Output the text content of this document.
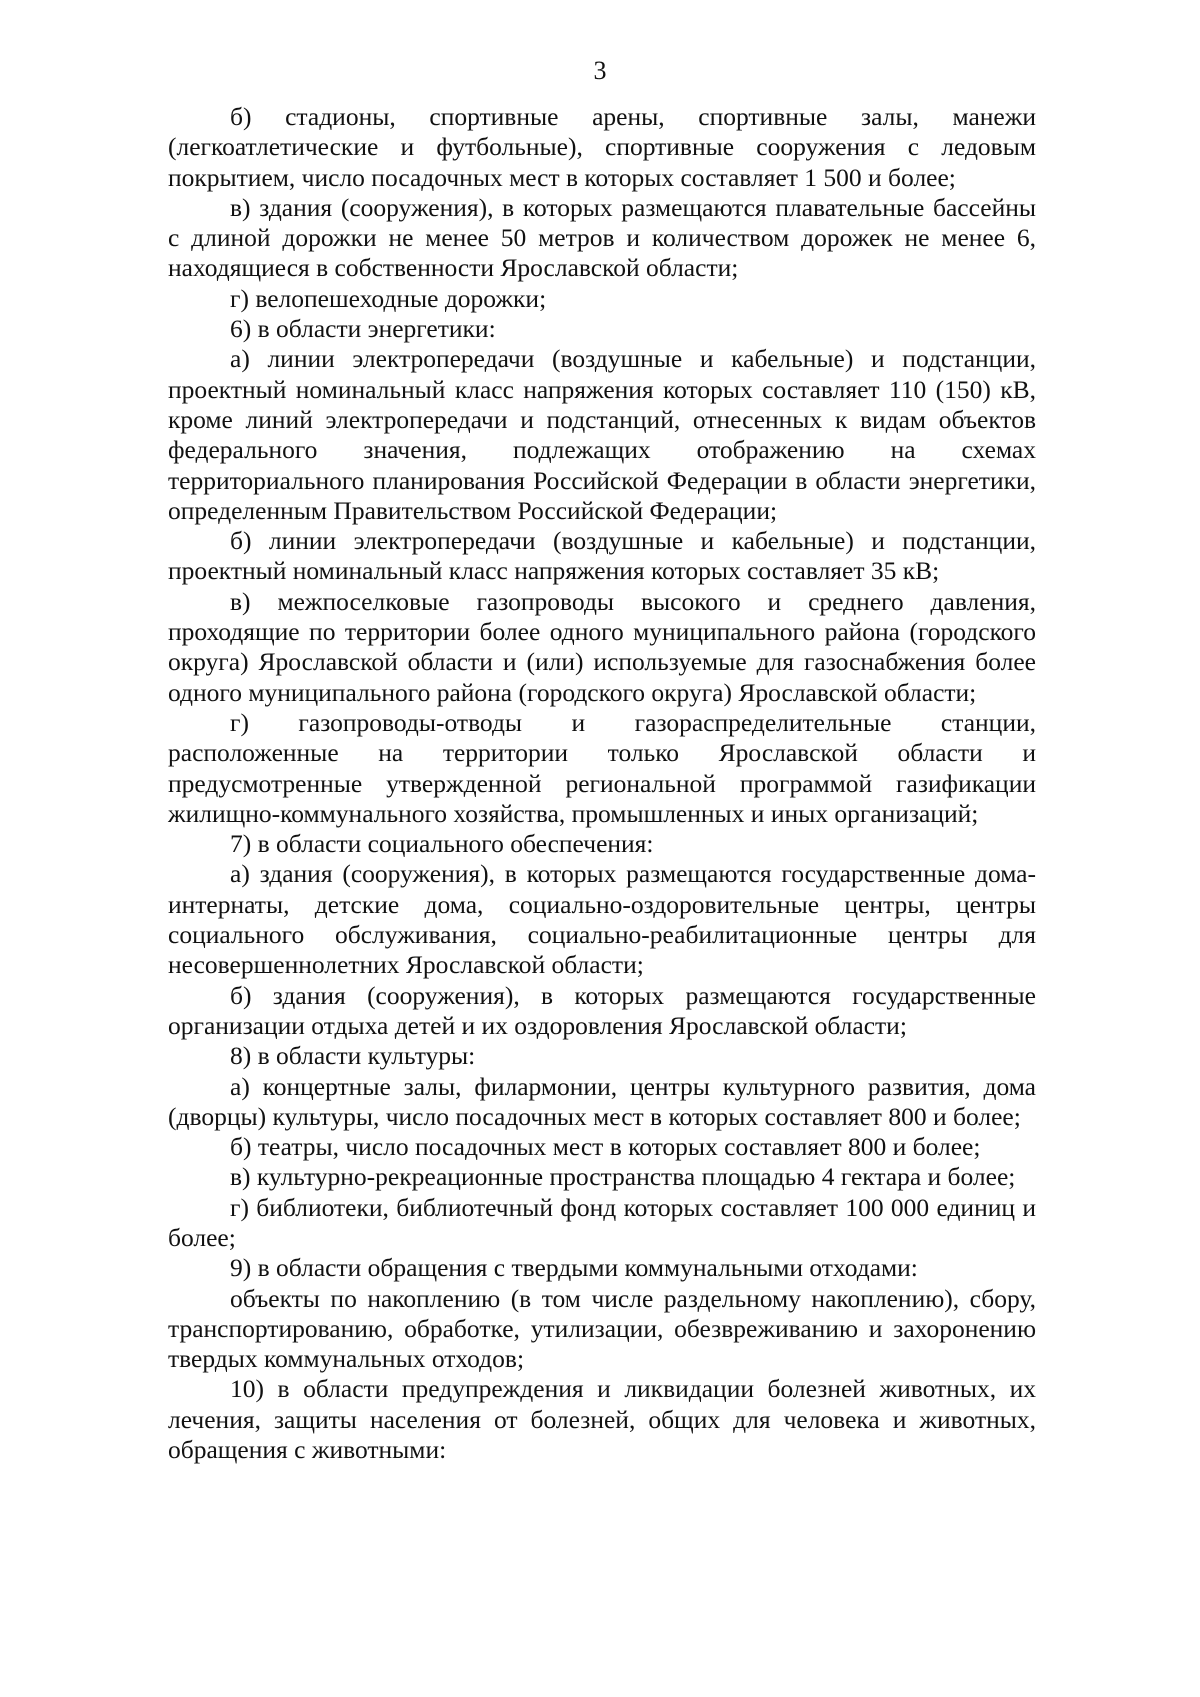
3

б) стадионы, спортивные арены, спортивные залы, манежи (легкоатлетические и футбольные), спортивные сооружения с ледовым покрытием, число посадочных мест в которых составляет 1 500 и более;

в) здания (сооружения), в которых размещаются плавательные бассейны с длиной дорожки не менее 50 метров и количеством дорожек не менее 6, находящиеся в собственности Ярославской области;

г) велопешеходные дорожки;

6) в области энергетики:

а) линии электропередачи (воздушные и кабельные) и подстанции, проектный номинальный класс напряжения которых составляет 110 (150) кВ, кроме линий электропередачи и подстанций, отнесенных к видам объектов федерального значения, подлежащих отображению на схемах территориального планирования Российской Федерации в области энергетики, определенным Правительством Российской Федерации;

б) линии электропередачи (воздушные и кабельные) и подстанции, проектный номинальный класс напряжения которых составляет 35 кВ;

в) межпоселковые газопроводы высокого и среднего давления, проходящие по территории более одного муниципального района (городского округа) Ярославской области и (или) используемые для газоснабжения более одного муниципального района (городского округа) Ярославской области;

г) газопроводы-отводы и газораспределительные станции, расположенные на территории только Ярославской области и предусмотренные утвержденной региональной программой газификации жилищно-коммунального хозяйства, промышленных и иных организаций;

7) в области социального обеспечения:

а) здания (сооружения), в которых размещаются государственные дома-интернаты, детские дома, социально-оздоровительные центры, центры социального обслуживания, социально-реабилитационные центры для несовершеннолетних Ярославской области;

б) здания (сооружения), в которых размещаются государственные организации отдыха детей и их оздоровления Ярославской области;

8) в области культуры:

а) концертные залы, филармонии, центры культурного развития, дома (дворцы) культуры, число посадочных мест в которых составляет 800 и более;

б) театры, число посадочных мест в которых составляет 800 и более;

в) культурно-рекреационные пространства площадью 4 гектара и более;

г) библиотеки, библиотечный фонд которых составляет 100 000 единиц и более;

9) в области обращения с твердыми коммунальными отходами:

объекты по накоплению (в том числе раздельному накоплению), сбору, транспортированию, обработке, утилизации, обезвреживанию и захоронению твердых коммунальных отходов;

10) в области предупреждения и ликвидации болезней животных, их лечения, защиты населения от болезней, общих для человека и животных, обращения с животными:
